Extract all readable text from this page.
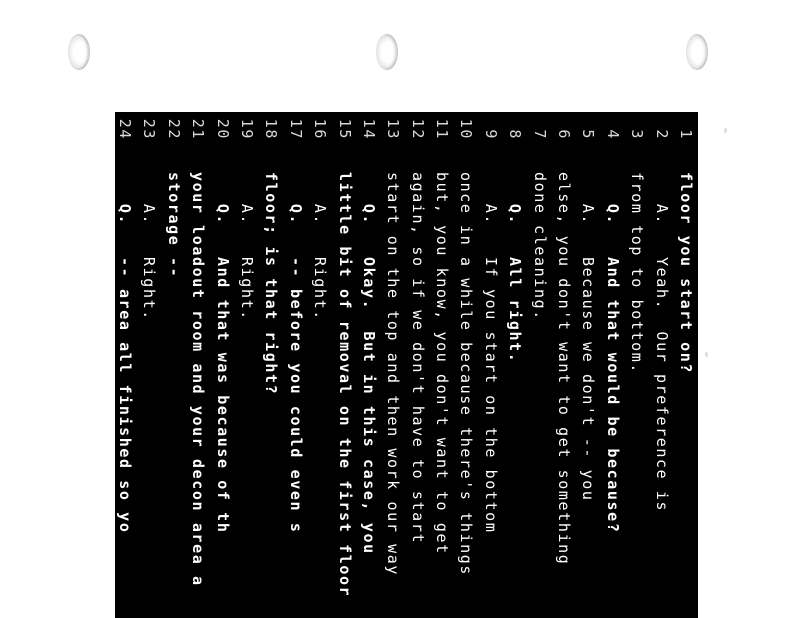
1
floor you start on?
2
A.   Yeah.  Our preference is
3
from top to bottom.
4
Q.   And that would be because?
5
A.   Because we don't -- you
6
else, you don't want to get something
7
done cleaning.
8
Q.   All right.
9
A.   If you start on the bottom
10
once in a while because there's things
11
but, you know, you don't want to get
12
again, so if we don't have to start
13
start on the top and then work our way
14
Q.   Okay.  But in this case, you
15
little bit of removal on the first floor
16
A.   Right.
17
Q.   -- before you could even s
18
floor; is that right?
19
A.   Right.
20
Q.   And that was because of th
21
your loadout room and your decon area a
22
storage --
23
A.   Right.
24
Q.   -- area all finished so yo
